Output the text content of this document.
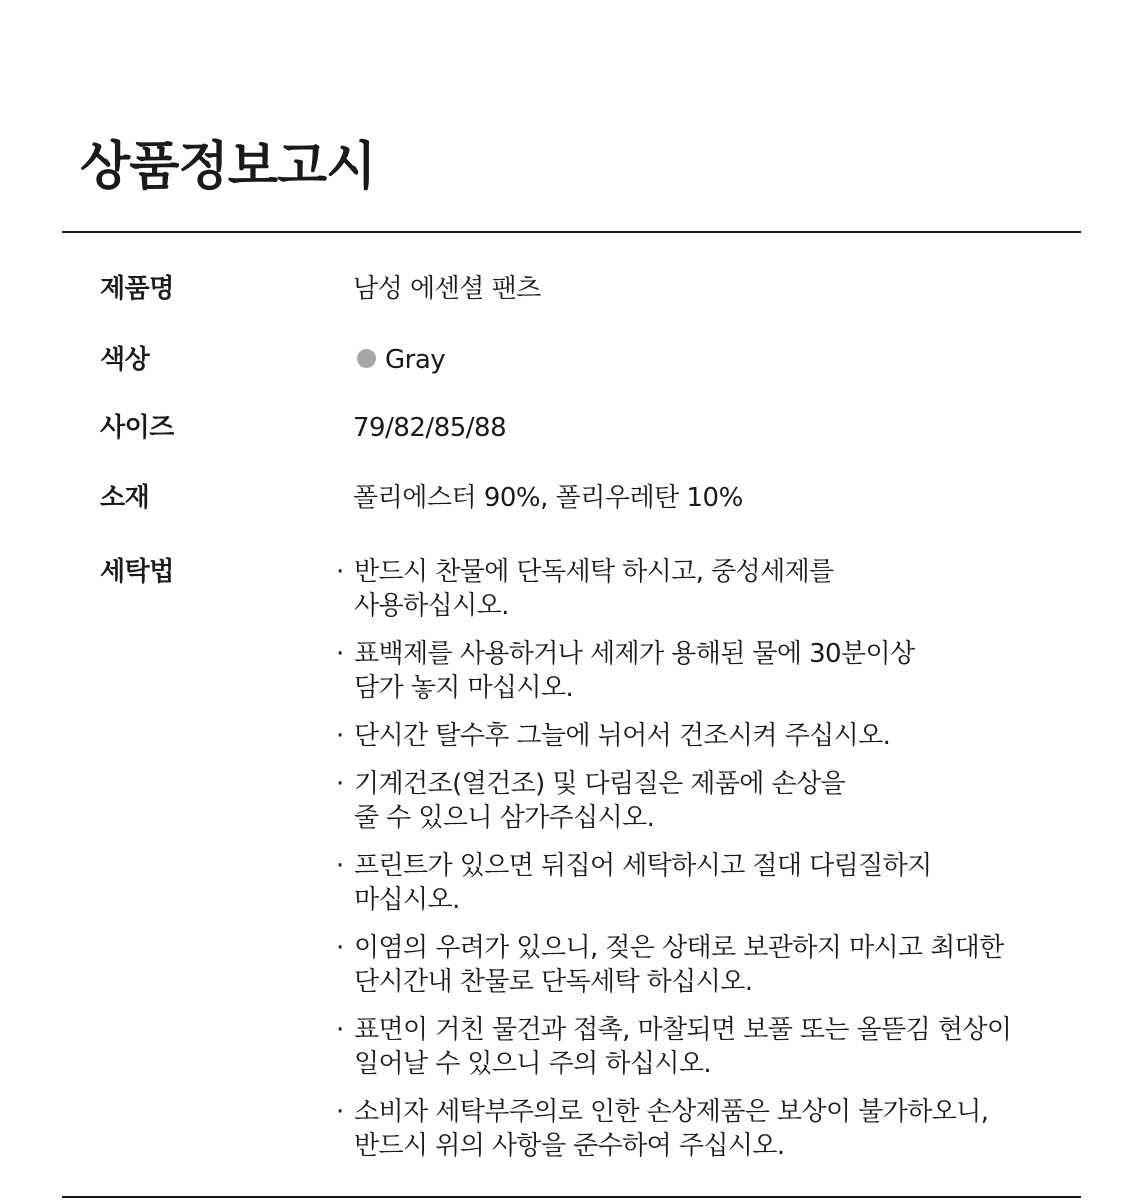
상품정보고시
제품명	남성 에센셜 팬츠
색상	Gray
사이즈	79/82/85/88
소재	폴리에스터 90%, 폴리우레탄 10%
세탁법	· 반드시 찬물에 단독세탁 하시고, 중성세제를
사용하십시오.
· 표백제를 사용하거나 세제가 용해된 물에 30분이상
담가 놓지 마십시오.
· 단시간 탈수후 그늘에 뉘어서 건조시켜 주십시오.
· 기계건조(열건조) 및 다림질은 제품에 손상을
줄 수 있으니 삼가주십시오.
· 프린트가 있으면 뒤집어 세탁하시고 절대 다림질하지
마십시오.
· 이염의 우려가 있으니, 젖은 상태로 보관하지 마시고 최대한
단시간내 찬물로 단독세탁 하십시오.
· 표면이 거친 물건과 접촉, 마찰되면 보풀 또는 올뜯김 현상이
일어날 수 있으니 주의 하십시오.
· 소비자 세탁부주의로 인한 손상제품은 보상이 불가하오니,
반드시 위의 사항을 준수하여 주십시오.
